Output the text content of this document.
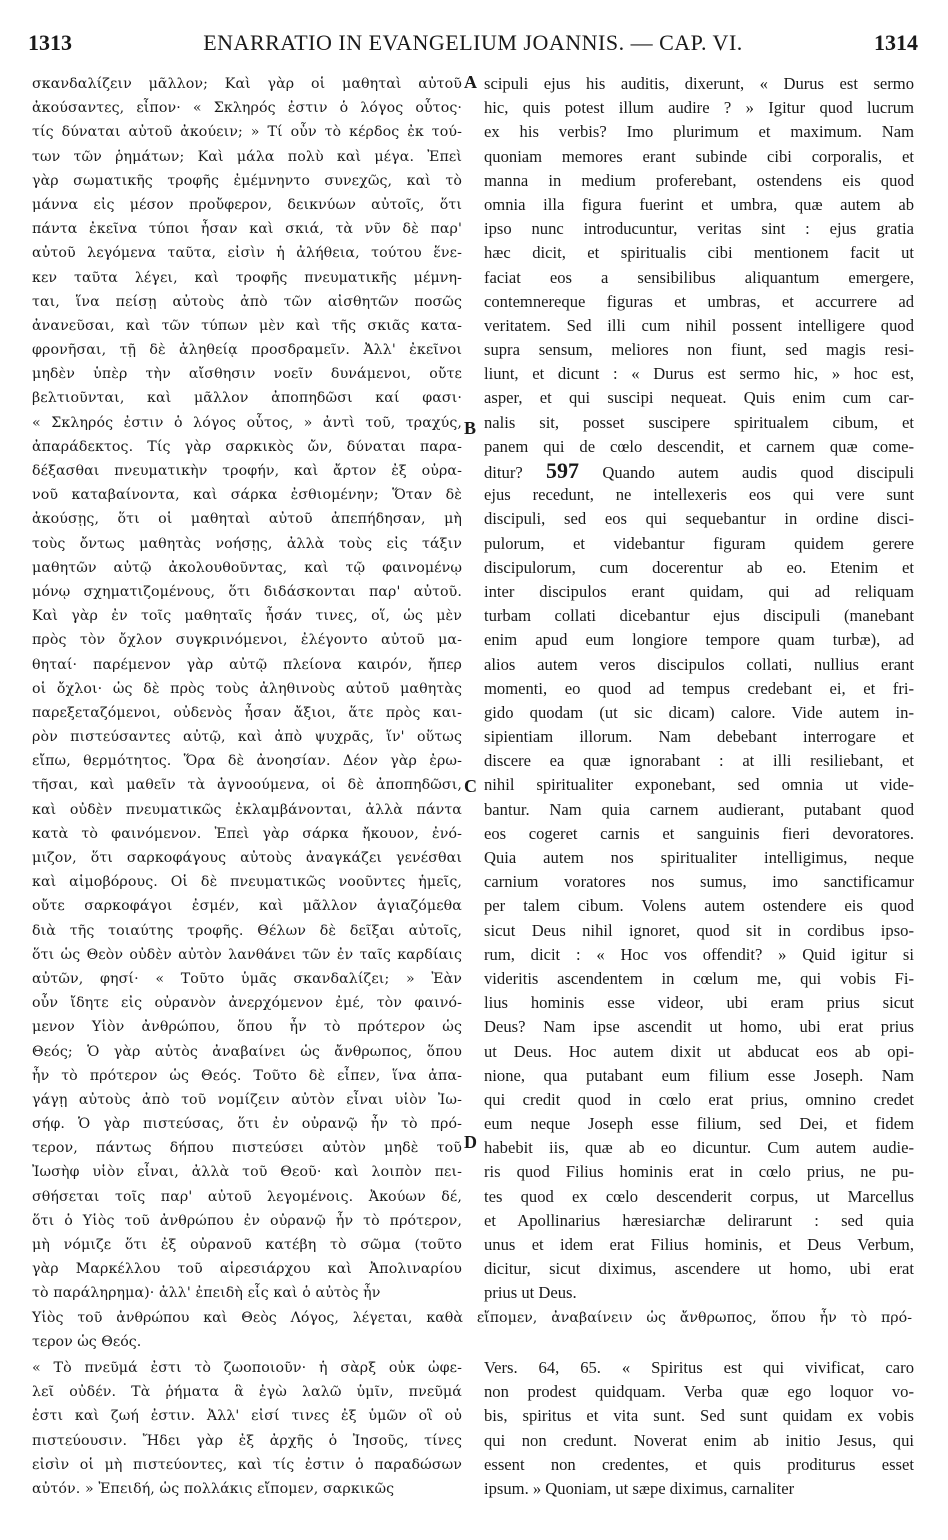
1313	ENARRATIO IN EVANGELIUM JOANNIS. — CAP. VI.	1314
σκανδαλίζειν μᾶλλον; Καὶ γὰρ οἱ μαθηταὶ αὐτοῦ
ἀκούσαντες, εἶπον· « Σκληρός ἐστιν ὁ λόγος οὗτος·
τίς δύναται αὐτοῦ ἀκούειν; » Τί οὖν τὸ κέρδος ἐκ τού-
των τῶν ῥημάτων; Καὶ μάλα πολὺ καὶ μέγα. Ἐπεὶ
γὰρ σωματικῆς τροφῆς ἐμέμνηντο συνεχῶς, καὶ τὸ
μάννα εἰς μέσον προὔφερον, δεικνύων αὐτοῖς, ὅτι
πάντα ἐκεῖνα τύποι ἦσαν καὶ σκιά, τὰ νῦν δὲ παρ'
αὐτοῦ λεγόμενα ταῦτα, εἰσὶν ἡ ἀλήθεια, τούτου ἕνε-
κεν ταῦτα λέγει, καὶ τροφῆς πνευματικῆς μέμνη-
ται, ἵνα πείσῃ αὐτοὺς ἀπὸ τῶν αἰσθητῶν ποσῶς
ἀνανεῦσαι, καὶ τῶν τύπων μὲν καὶ τῆς σκιᾶς κατα-
φρονῆσαι, τῇ δὲ ἀληθείᾳ προσδραμεῖν. Ἀλλ' ἐκεῖνοι
μηδὲν ὑπὲρ τὴν αἴσθησιν νοεῖν δυνάμενοι, οὔτε
βελτιοῦνται, καὶ μᾶλλον ἀποπηδῶσι καί φασι·
« Σκληρός ἐστιν ὁ λόγος οὗτος, » ἀντὶ τοῦ, τραχύς,
ἀπαράδεκτος. Τίς γὰρ σαρκικὸς ὤν, δύναται παρα-
δέξασθαι πνευματικὴν τροφήν, καὶ ἄρτον ἐξ οὐρα-
νοῦ καταβαίνοντα, καὶ σάρκα ἐσθιομένην; Ὅταν δὲ
ἀκούσῃς, ὅτι οἱ μαθηταὶ αὐτοῦ ἀπεπήδησαν, μὴ
τοὺς ὄντως μαθητὰς νοήσῃς, ἀλλὰ τοὺς εἰς τάξιν
μαθητῶν αὐτῷ ἀκολουθοῦντας, καὶ τῷ φαινομένῳ
μόνῳ σχηματιζομένους, ὅτι διδάσκονται παρ' αὐτοῦ.
Καὶ γὰρ ἐν τοῖς μαθηταῖς ἦσάν τινες, οἵ, ὡς μὲν
πρὸς τὸν ὄχλον συγκρινόμενοι, ἐλέγοντο αὐτοῦ μα-
θηταί· παρέμενον γὰρ αὐτῷ πλείονα καιρόν, ἤπερ
οἱ ὄχλοι· ὡς δὲ πρὸς τοὺς ἀληθινοὺς αὐτοῦ μαθητὰς
παρεξεταζόμενοι, οὐδενὸς ἦσαν ἄξιοι, ἅτε πρὸς και-
ρὸν πιστεύσαντες αὐτῷ, καὶ ἀπὸ ψυχρᾶς, ἵν' οὕτως
εἴπω, θερμότητος. Ὅρα δὲ ἀνοησίαν. Δέον γὰρ ἐρω-
τῆσαι, καὶ μαθεῖν τὰ ἀγνοούμενα, οἱ δὲ ἀποπηδῶσι,
καὶ οὐδὲν πνευματικῶς ἐκλαμβάνονται, ἀλλὰ πάντα
κατὰ τὸ φαινόμενον. Ἐπεὶ γὰρ σάρκα ἤκουον, ἐνό-
μιζον, ὅτι σαρκοφάγους αὐτοὺς ἀναγκάζει γενέσθαι
καὶ αἱμοβόρους. Οἱ δὲ πνευματικῶς νοοῦντες ἡμεῖς,
οὔτε σαρκοφάγοι ἐσμέν, καὶ μᾶλλον ἁγιαζόμεθα
διὰ τῆς τοιαύτης τροφῆς. Θέλων δὲ δεῖξαι αὐτοῖς,
ὅτι ὡς Θεὸν οὐδὲν αὐτὸν λανθάνει τῶν ἐν ταῖς καρδίαις
αὐτῶν, φησί· « Τοῦτο ὑμᾶς σκανδαλίζει; » Ἐὰν
οὖν ἴδητε εἰς οὐρανὸν ἀνερχόμενον ἐμέ, τὸν φαινό-
μενον Υἱὸν ἀνθρώπου, ὅπου ἦν τὸ πρότερον ὡς
Θεός; Ὁ γὰρ αὐτὸς ἀναβαίνει ὡς ἄνθρωπος, ὅπου
ἦν τὸ πρότερον ὡς Θεός. Τοῦτο δὲ εἶπεν, ἵνα ἀπα-
γάγῃ αὐτοὺς ἀπὸ τοῦ νομίζειν αὐτὸν εἶναι υἱὸν Ἰω-
σήφ. Ὁ γὰρ πιστεύσας, ὅτι ἐν οὐρανῷ ἦν τὸ πρό-
τερον, πάντως δήπου πιστεύσει αὐτὸν μηδὲ τοῦ
Ἰωσὴφ υἱὸν εἶναι, ἀλλὰ τοῦ Θεοῦ· καὶ λοιπὸν πει-
σθήσεται τοῖς παρ' αὐτοῦ λεγομένοις. Ἀκούων δέ,
ὅτι ὁ Υἱὸς τοῦ ἀνθρώπου ἐν οὐρανῷ ἦν τὸ πρότερον,
μὴ νόμιζε ὅτι ἐξ οὐρανοῦ κατέβη τὸ σῶμα (τοῦτο
γὰρ Μαρκέλλου τοῦ αἱρεσιάρχου καὶ Ἀπολιναρίου
τὸ παράληρημα)· ἀλλ' ἐπειδὴ εἷς καὶ ὁ αὐτὸς ἦν
scipuli ejus his auditis, dixerunt, « Durus est sermo
hic, quis potest illum audire ? » Igitur quod lucrum
ex his verbis? Imo plurimum et maximum. Nam
quoniam memores erant subinde cibi corporalis, et
manna in medium proferebant, ostendens eis quod
omnia illa figura fuerint et umbra, quæ autem ab
ipso nunc introducuntur, veritas sint : ejus gratia
hæc dicit, et spiritualis cibi mentionem facit ut
faciat eos a sensibilibus aliquantum emergere,
contemnereque figuras et umbras, et accurrere ad
veritatem. Sed illi cum nihil possent intelligere quod
supra sensum, meliores non fiunt, sed magis resi-
liunt, et dicunt : « Durus est sermo hic, » hoc est,
asper, et qui suscipi nequeat. Quis enim cum car-
nalis sit, posset suscipere spiritualem cibum, et
panem qui de cœlo descendit, et carnem quæ come-
ditur? 597 Quando autem audis quod discipuli
ejus recedunt, ne intellexeris eos qui vere sunt
discipuli, sed eos qui sequebantur in ordine disci-
pulorum, et videbantur figuram quidem gerere
discipulorum, cum docerentur ab eo. Etenim et
inter discipulos erant quidam, qui ad reliquam
turbam collati dicebantur ejus discipuli (manebant
enim apud eum longiore tempore quam turbæ), ad
alios autem veros discipulos collati, nullius erant
momenti, eo quod ad tempus credebant ei, et fri-
gido quodam (ut sic dicam) calore. Vide autem in-
sipientiam illorum. Nam debebant interrogare et
discere ea quæ ignorabant : at illi resiliebant, et
nihil spiritualiter exponebant, sed omnia ut vide-
bantur. Nam quia carnem audierant, putabant quod
eos cogeret carnis et sanguinis fieri devoratores.
Quia autem nos spiritualiter intelligimus, neque
carnium voratores nos sumus, imo sanctificamur
per talem cibum. Volens autem ostendere eis quod
sicut Deus nihil ignoret, quod sit in cordibus ipso-
rum, dicit : « Hoc vos offendit? » Quid igitur si
videritis ascendentem in cœlum me, qui vobis Fi-
lius hominis esse videor, ubi eram prius sicut
Deus? Nam ipse ascendit ut homo, ubi erat prius
ut Deus. Hoc autem dixit ut abducat eos ab opi-
nione, qua putabant eum filium esse Joseph. Nam
qui credit quod in cœlo erat prius, omnino credet
eum neque Joseph esse filium, sed Dei, et fidem
habebit iis, quæ ab eo dicuntur. Cum autem audie-
ris quod Filius hominis erat in cœlo prius, ne pu-
tes quod ex cœlo descenderit corpus, ut Marcellus
et Apollinarius hæresiarchæ delirarunt : sed quia
unus et idem erat Filius hominis, et Deus Verbum,
dicitur, sicut diximus, ascendere ut homo, ubi erat
prius ut Deus.
A
B
C
D
Υἱὸς τοῦ ἀνθρώπου καὶ Θεὸς Λόγος, λέγεται, καθὰ εἴπομεν, ἀναβαίνειν ὡς ἄνθρωπος, ὅπου ἦν τὸ πρό-
τερον ὡς Θεός.
« Τὸ πνεῦμά ἐστι τὸ ζωοποιοῦν· ἡ σὰρξ οὐκ ὠφε-
λεῖ οὐδέν. Τὰ ῥήματα ἃ ἐγὼ λαλῶ ὑμῖν, πνεῦμά
ἐστι καὶ ζωή ἐστιν. Ἀλλ' εἰσί τινες ἐξ ὑμῶν οἳ οὐ
πιστεύουσιν. Ἤδει γὰρ ἐξ ἀρχῆς ὁ Ἰησοῦς, τίνες
εἰσὶν οἱ μὴ πιστεύοντες, καὶ τίς ἐστιν ὁ παραδώσων
αὐτόν. » Ἐπειδή, ὡς πολλάκις εἴπομεν, σαρκικῶς
Vers. 64, 65. « Spiritus est qui vivificat, caro
non prodest quidquam. Verba quæ ego loquor vo-
bis, spiritus et vita sunt. Sed sunt quidam ex vobis
qui non credunt. Noverat enim ab initio Jesus, qui
essent non credentes, et quis proditurus esset
ipsum. » Quoniam, ut sæpe diximus, carnaliter
